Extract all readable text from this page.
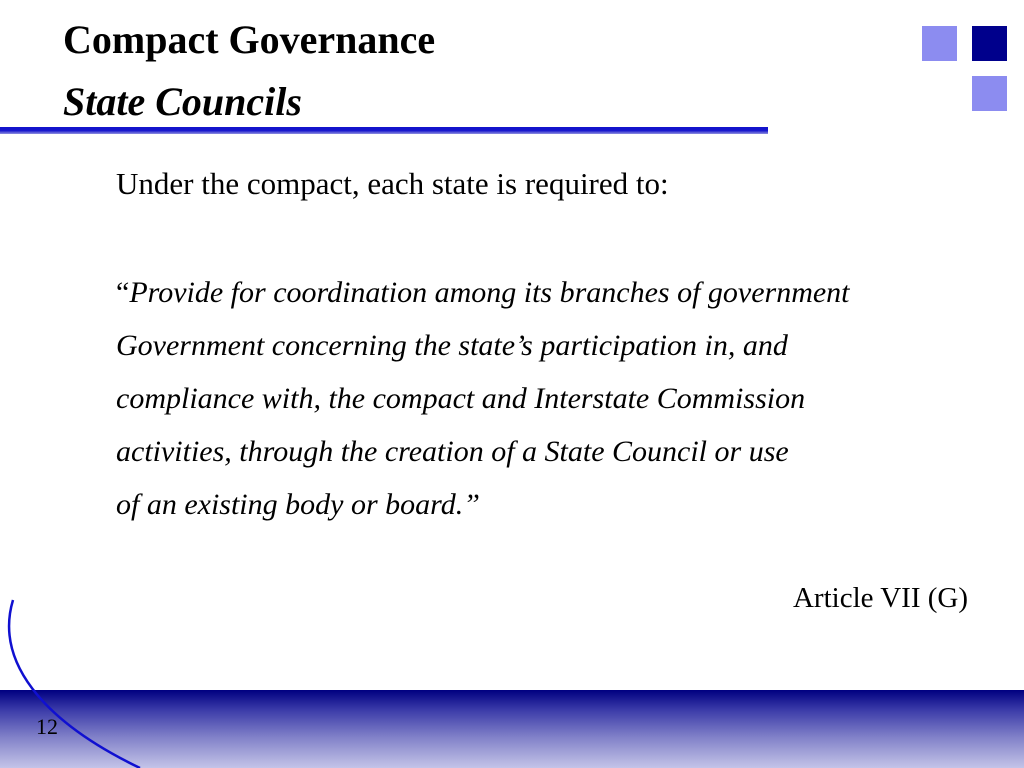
Compact Governance
State Councils
Under the compact, each state is required to:
“Provide for coordination among its branches of government
Government concerning the state’s participation in, and
compliance with, the compact and Interstate Commission
activities, through the creation of a State Council or use
of an existing body or board.”
Article VII (G)
12
